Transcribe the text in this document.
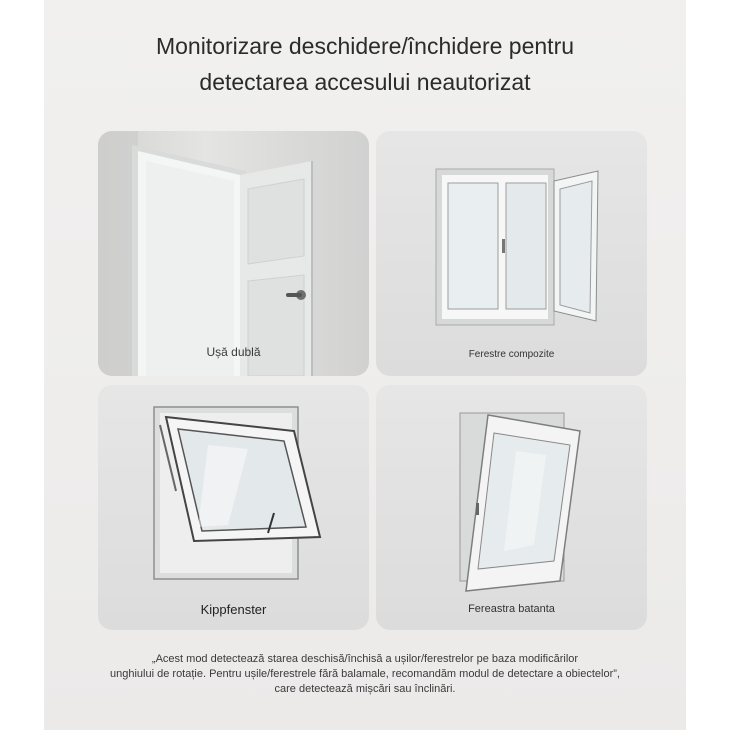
Monitorizare deschidere/închidere pentru
detectarea accesului neautorizat
Ușă dublă	Ferestre compozite
Kippfenster	Fereastra batanta
„Acest mod detectează starea deschisă/închisă a ușilor/ferestrelor pe baza modificărilor
unghiului de rotație. Pentru ușile/ferestrele fără balamale, recomandăm modul de detectare a obiectelor”,
care detectează mișcări sau înclinări.
